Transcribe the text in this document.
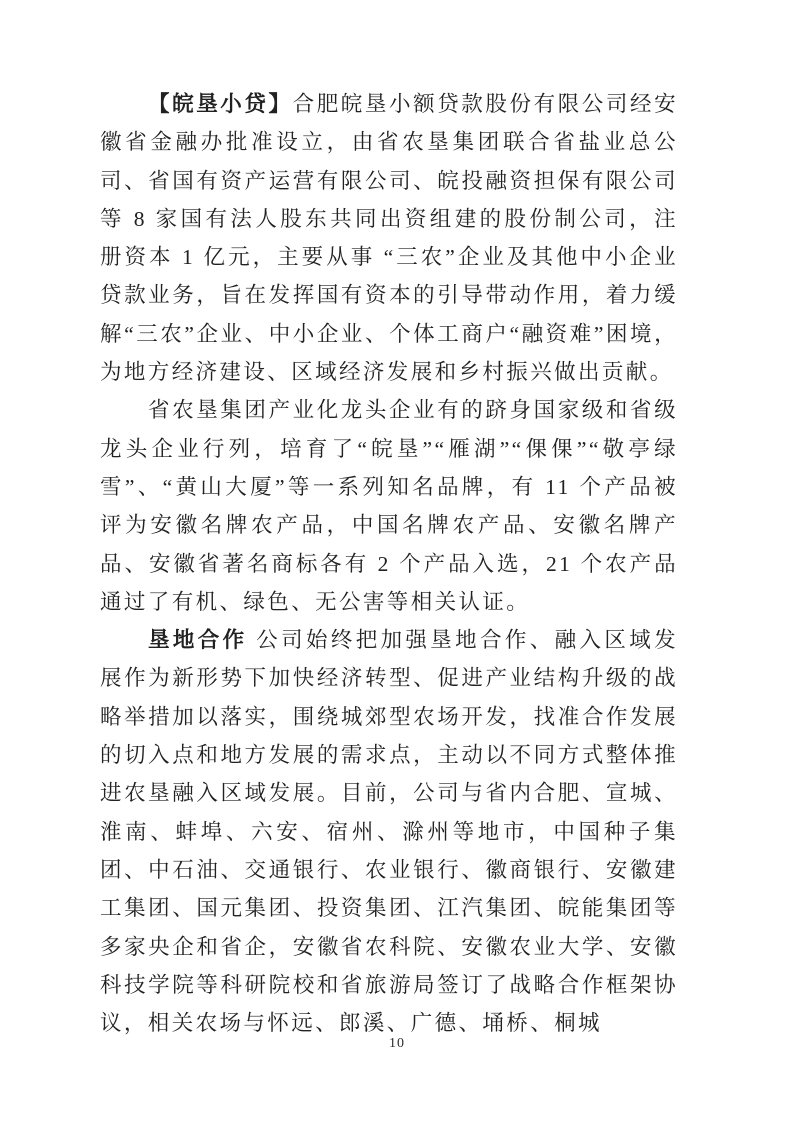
【皖垦小贷】合肥皖垦小额贷款股份有限公司经安徽省金融办批准设立，由省农垦集团联合省盐业总公司、省国有资产运营有限公司、皖投融资担保有限公司等 8 家国有法人股东共同出资组建的股份制公司，注册资本 1 亿元，主要从事 “三农”企业及其他中小企业贷款业务，旨在发挥国有资本的引导带动作用，着力缓解“三农”企业、中小企业、个体工商户“融资难”困境，为地方经济建设、区域经济发展和乡村振兴做出贡献。

省农垦集团产业化龙头企业有的跻身国家级和省级龙头企业行列，培育了“皖垦”“雁湖”“倮倮”“敬亭绿雪”、“黄山大厦”等一系列知名品牌，有 11 个产品被评为安徽名牌农产品，中国名牌农产品、安徽名牌产品、安徽省著名商标各有 2 个产品入选，21 个农产品通过了有机、绿色、无公害等相关认证。

垦地合作 公司始终把加强垦地合作、融入区域发展作为新形势下加快经济转型、促进产业结构升级的战略举措加以落实，围绕城郊型农场开发，找准合作发展的切入点和地方发展的需求点，主动以不同方式整体推进农垦融入区域发展。目前，公司与省内合肥、宣城、淮南、蚌埠、六安、宿州、滁州等地市，中国种子集团、中石油、交通银行、农业银行、徽商银行、安徽建工集团、国元集团、投资集团、江汽集团、皖能集团等多家央企和省企，安徽省农科院、安徽农业大学、安徽科技学院等科研院校和省旅游局签订了战略合作框架协议，相关农场与怀远、郎溪、广德、埇桥、桐城

10
